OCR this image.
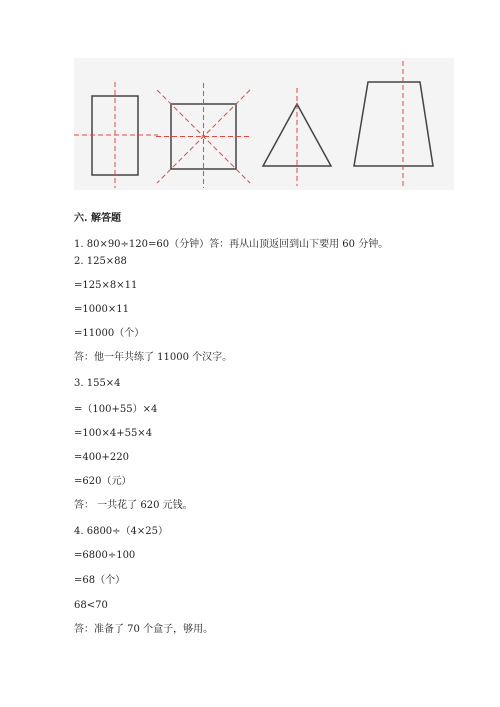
六. 解答题
1. 80×90÷120=60（分钟）答：再从山顶返回到山下要用 60 分钟。
2. 125×88
=125×8×11
=1000×11
=11000（个）
答：他一年共练了 11000 个汉字。
3. 155×4
=（100+55）×4
=100×4+55×4
=400+220
=620（元）
答： 一共花了 620 元钱。
4. 6800÷（4×25）
=6800÷100
=68（个）
68<70
答：准备了 70 个盒子，够用。
